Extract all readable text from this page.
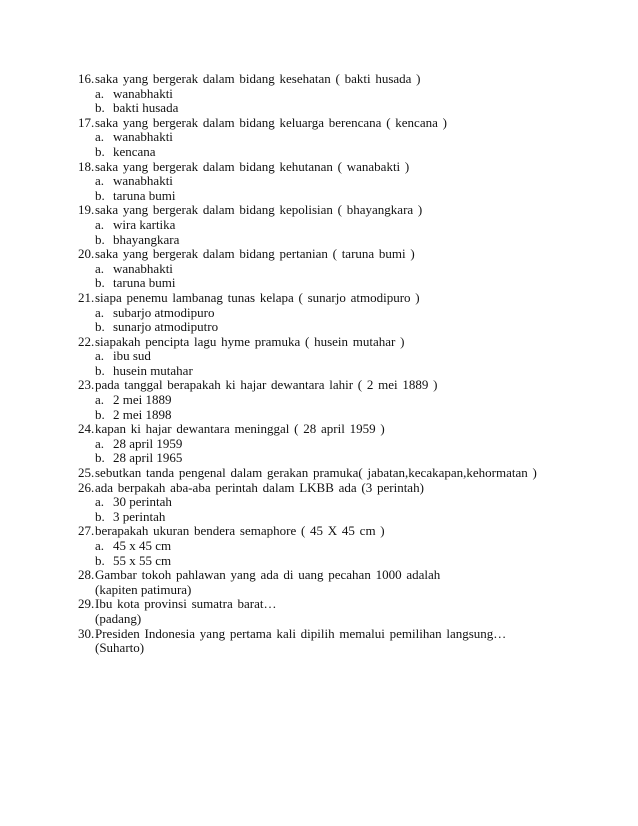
16. saka yang bergerak dalam bidang kesehatan ( bakti husada )
a. wanabhakti
b. bakti husada
17. saka yang bergerak dalam bidang keluarga berencana ( kencana )
a. wanabhakti
b. kencana
18. saka yang bergerak dalam bidang kehutanan ( wanabakti )
a. wanabhakti
b. taruna bumi
19. saka yang bergerak dalam bidang kepolisian ( bhayangkara )
a. wira kartika
b. bhayangkara
20. saka yang bergerak dalam bidang pertanian ( taruna bumi )
a. wanabhakti
b. taruna bumi
21. siapa penemu lambanag tunas kelapa ( sunarjo atmodipuro )
a. subarjo atmodipuro
b. sunarjo atmodiputro
22. siapakah pencipta lagu hyme pramuka ( husein mutahar )
a. ibu sud
b. husein mutahar
23. pada tanggal berapakah ki hajar dewantara lahir ( 2 mei 1889 )
a. 2 mei 1889
b. 2 mei 1898
24. kapan ki hajar dewantara meninggal ( 28 april 1959 )
a. 28 april 1959
b. 28 april 1965
25. sebutkan tanda pengenal dalam gerakan pramuka( jabatan,kecakapan,kehormatan )
26. ada berpakah aba-aba perintah dalam LKBB ada (3 perintah)
a. 30 perintah
b. 3 perintah
27. berapakah ukuran bendera semaphore ( 45 X 45 cm )
a. 45 x 45 cm
b. 55 x 55 cm
28. Gambar tokoh pahlawan yang ada di uang pecahan 1000 adalah
(kapiten patimura)
29. Ibu kota provinsi sumatra barat…
(padang)
30. Presiden Indonesia yang pertama kali dipilih memalui pemilihan langsung…
(Suharto)
